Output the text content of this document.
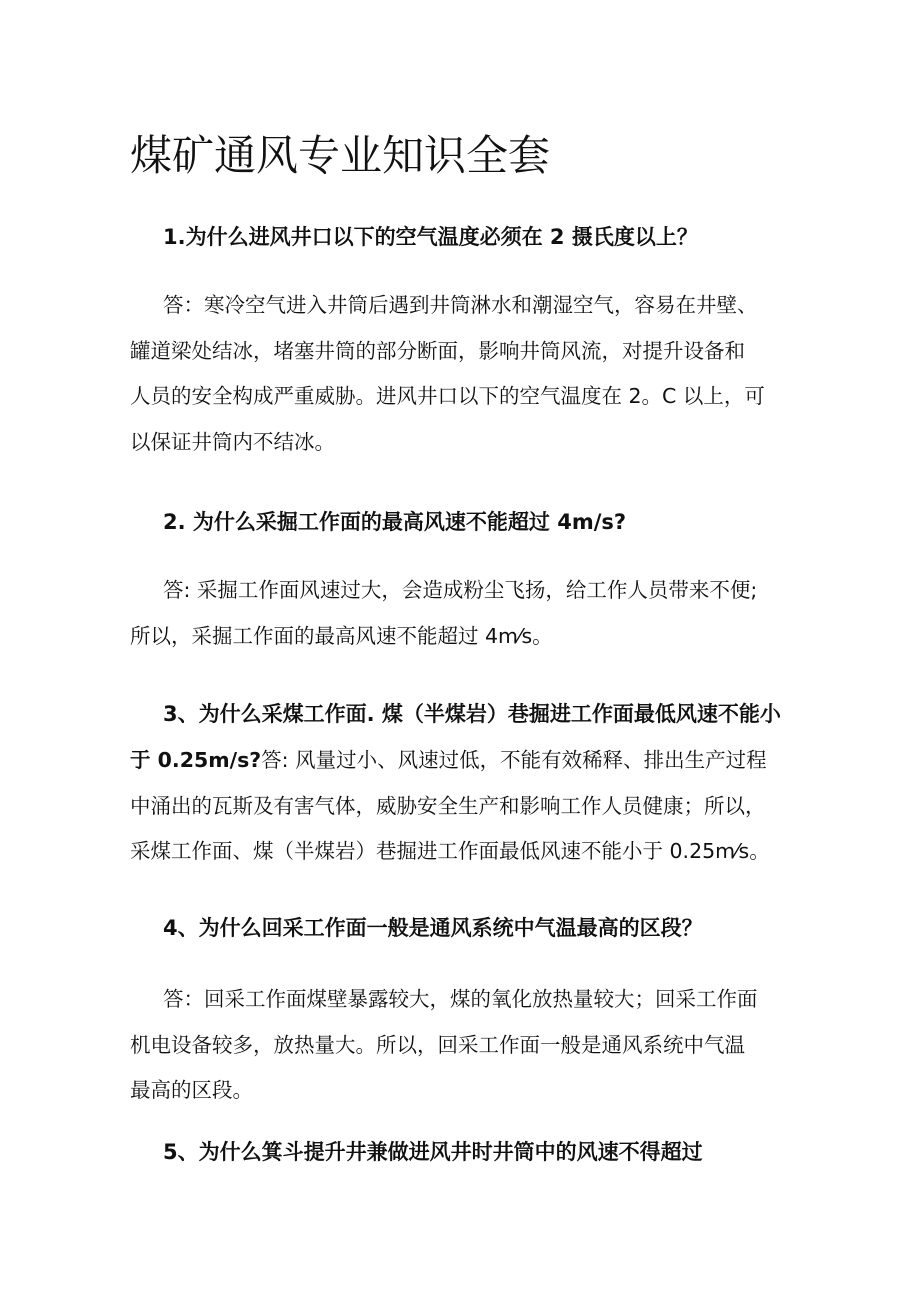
煤矿通风专业知识全套
1.为什么进风井口以下的空气温度必须在 2 摄氏度以上？
答：寒冷空气进入井筒后遇到井筒淋水和潮湿空气，容易在井壁、
罐道梁处结冰，堵塞井筒的部分断面，影响井筒风流，对提升设备和
人员的安全构成严重威胁。进风井口以下的空气温度在 2。C 以上，可
以保证井筒内不结冰。
2. 为什么采掘工作面的最高风速不能超过 4m/s?
答: 采掘工作面风速过大，会造成粉尘飞扬，给工作人员带来不便;
所以，采掘工作面的最高风速不能超过 4m⁄s。
3、为什么采煤工作面. 煤（半煤岩）巷掘进工作面最低风速不能小
于 0.25m/s?答: 风量过小、风速过低，不能有效稀释、排出生产过程
中涌出的瓦斯及有害气体，威胁安全生产和影响工作人员健康；所以，
采煤工作面、煤（半煤岩）巷掘进工作面最低风速不能小于 0.25m⁄s。
4、为什么回采工作面一般是通风系统中气温最高的区段？
答：回采工作面煤壁暴露较大，煤的氧化放热量较大；回采工作面
机电设备较多，放热量大。所以，回采工作面一般是通风系统中气温
最高的区段。
5、为什么箕斗提升井兼做进风井时井筒中的风速不得超过
